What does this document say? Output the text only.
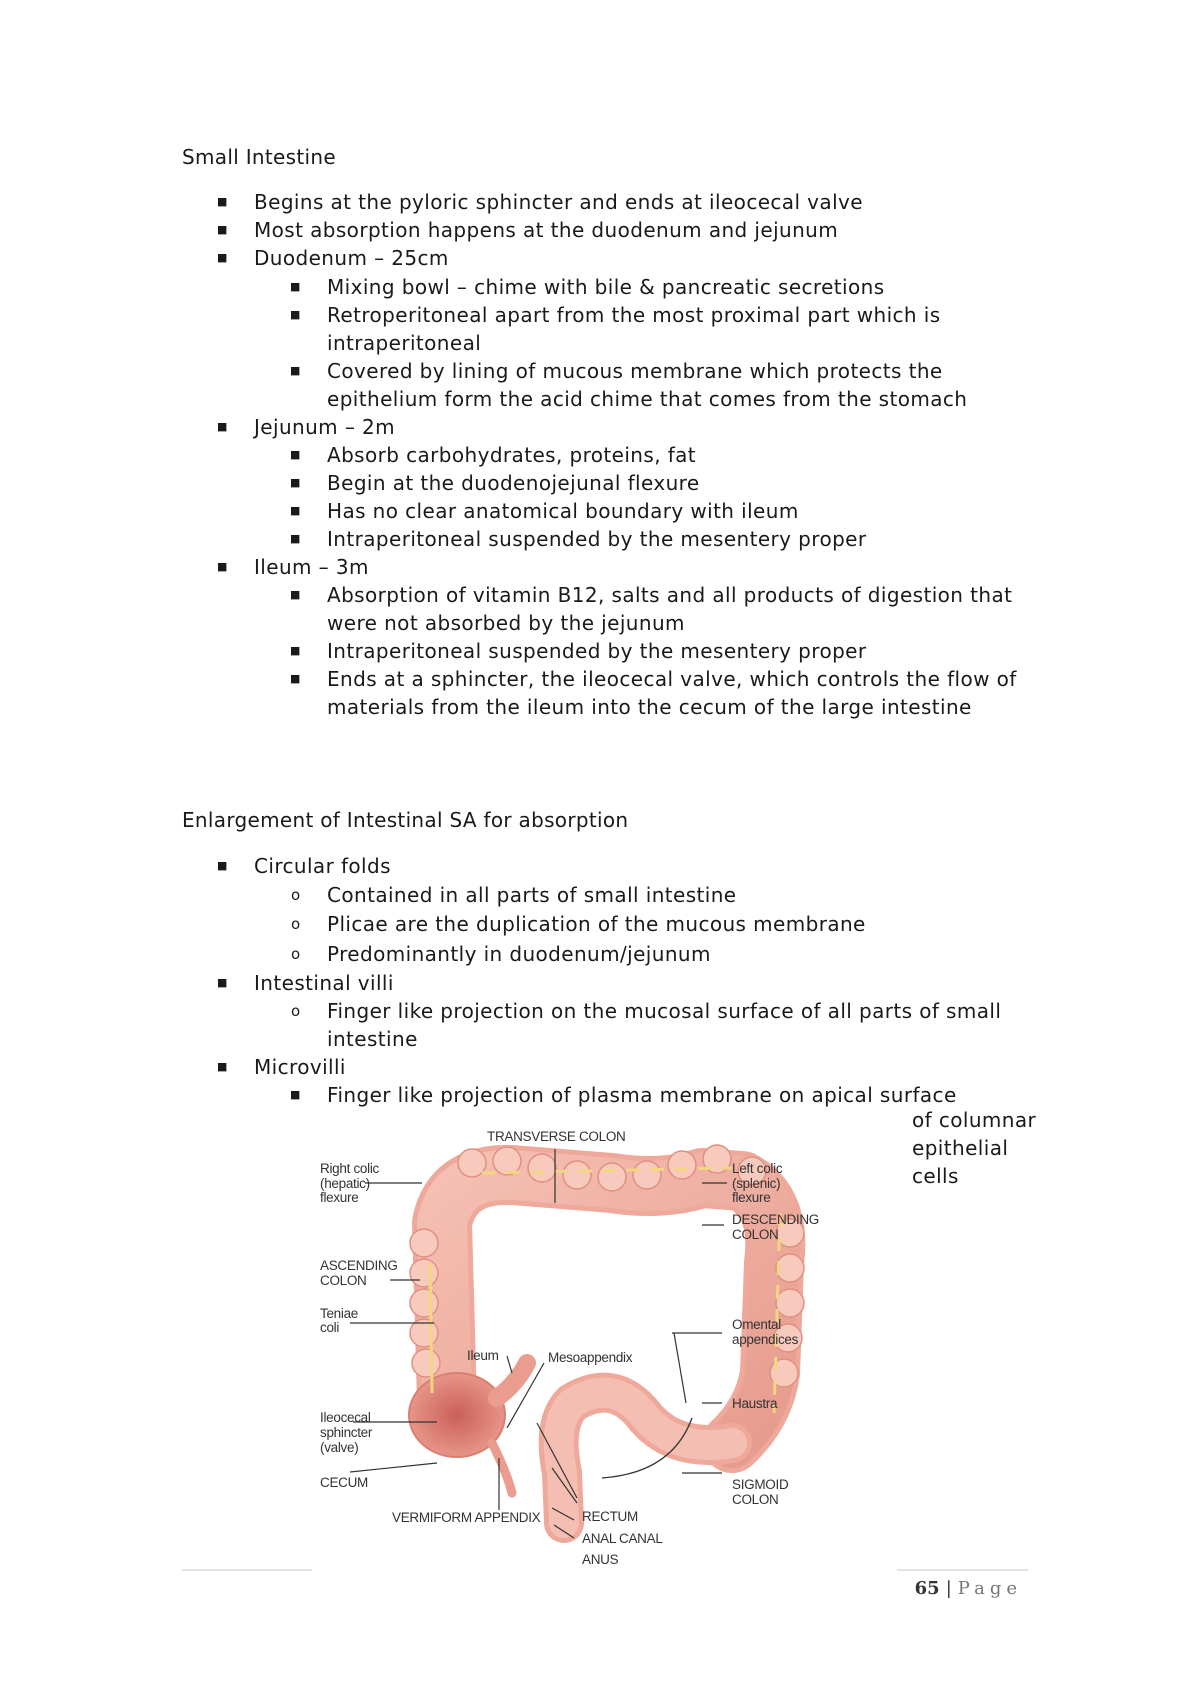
Small Intestine
■ Begins at the pyloric sphincter and ends at ileocecal valve
■ Most absorption happens at the duodenum and jejunum
■ Duodenum – 25cm
■ Mixing bowl – chime with bile & pancreatic secretions
■ Retroperitoneal apart from the most proximal part which is intraperitoneal
■ Covered by lining of mucous membrane which protects the epithelium form the acid chime that comes from the stomach
■ Jejunum – 2m
■ Absorb carbohydrates, proteins, fat
■ Begin at the duodenojejunal flexure
■ Has no clear anatomical boundary with ileum
■ Intraperitoneal suspended by the mesentery proper
■ Ileum – 3m
■ Absorption of vitamin B12, salts and all products of digestion that were not absorbed by the jejunum
■ Intraperitoneal suspended by the mesentery proper
■ Ends at a sphincter, the ileocecal valve, which controls the flow of materials from the ileum into the cecum of the large intestine
Enlargement of Intestinal SA for absorption
■ Circular folds
o Contained in all parts of small intestine
o Plicae are the duplication of the mucous membrane
o Predominantly in duodenum/jejunum
■ Intestinal villi
o Finger like projection on the mucosal surface of all parts of small intestine
■ Microvilli
■ Finger like projection of plasma membrane on apical surface
of columnar epithelial cells
TRANSVERSE COLON
Right colic
(hepatic)
flexure
Left colic
(splenic)
flexure
DESCENDING
COLON
ASCENDING
COLON
Teniae
coli
Ileum	Mesoappendix
Omental
appendices
Haustra
Ileocecal
sphincter
(valve)
CECUM	SIGMOID
COLON
VERMIFORM APPENDIX	RECTUM
ANAL CANAL
ANUS
65 | Page
